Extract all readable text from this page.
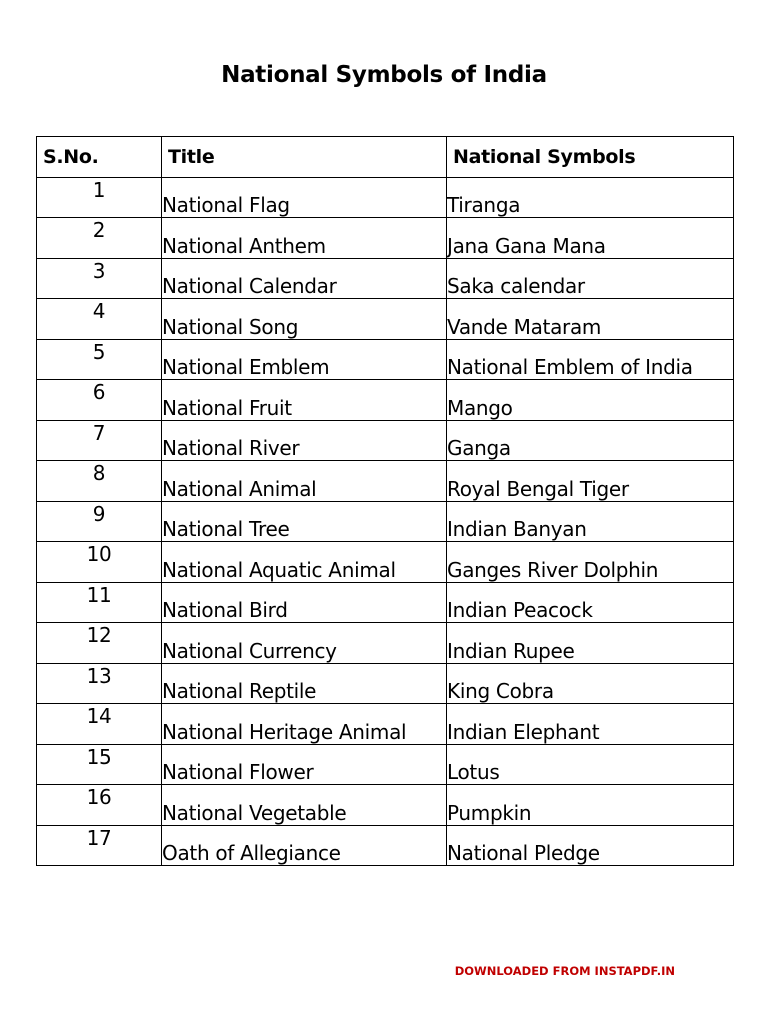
National Symbols of India
S.No.	Title	National Symbols
1	National Flag	Tiranga
2	National Anthem	Jana Gana Mana
3	National Calendar	Saka calendar
4	National Song	Vande Mataram
5	National Emblem	National Emblem of India
6	National Fruit	Mango
7	National River	Ganga
8	National Animal	Royal Bengal Tiger
9	National Tree	Indian Banyan
10	National Aquatic Animal	Ganges River Dolphin
11	National Bird	Indian Peacock
12	National Currency	Indian Rupee
13	National Reptile	King Cobra
14	National Heritage Animal	Indian Elephant
15	National Flower	Lotus
16	National Vegetable	Pumpkin
17	Oath of Allegiance	National Pledge
DOWNLOADED FROM INSTAPDF.IN
